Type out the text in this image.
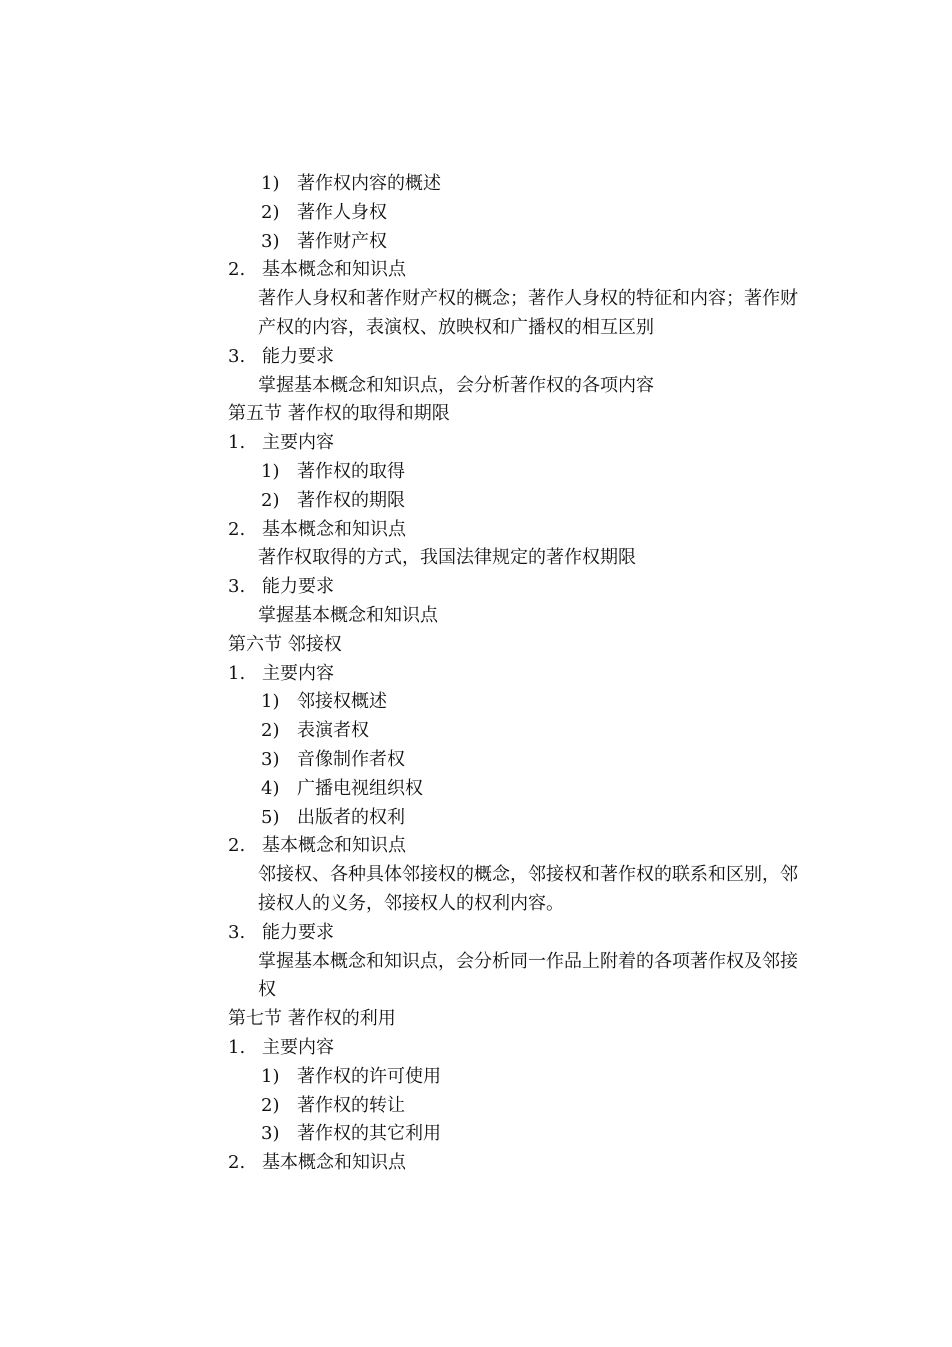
1) 著作权内容的概述
2) 著作人身权
3) 著作财产权
2. 基本概念和知识点
著作人身权和著作财产权的概念；著作人身权的特征和内容；著作财
产权的内容，表演权、放映权和广播权的相互区别
3. 能力要求
掌握基本概念和知识点，会分析著作权的各项内容
第五节 著作权的取得和期限
1. 主要内容
1) 著作权的取得
2) 著作权的期限
2. 基本概念和知识点
著作权取得的方式，我国法律规定的著作权期限
3. 能力要求
掌握基本概念和知识点
第六节 邻接权
1. 主要内容
1) 邻接权概述
2) 表演者权
3) 音像制作者权
4) 广播电视组织权
5) 出版者的权利
2. 基本概念和知识点
邻接权、各种具体邻接权的概念，邻接权和著作权的联系和区别，邻
接权人的义务，邻接权人的权利内容。
3. 能力要求
掌握基本概念和知识点，会分析同一作品上附着的各项著作权及邻接
权
第七节 著作权的利用
1. 主要内容
1) 著作权的许可使用
2) 著作权的转让
3) 著作权的其它利用
2. 基本概念和知识点
